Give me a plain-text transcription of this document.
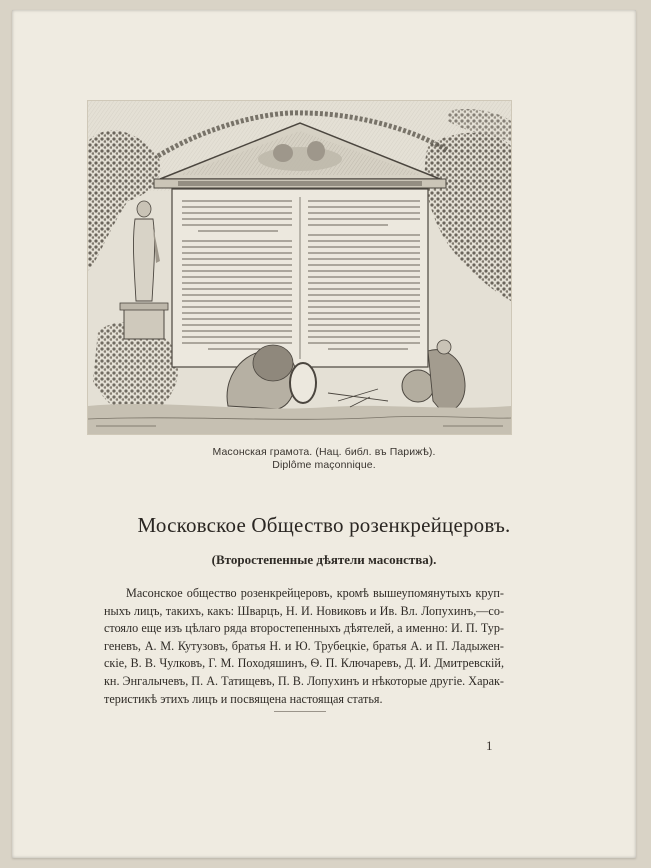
Масонская грамота. (Нац. библ. въ Парижѣ).
Diplôme maçonnique.
Московское Общество розенкрейцеровъ.
(Второстепенные дѣятели масонства).
Масонское общество розенкрейцеровъ, кромѣ вышеупомянутыхъ круп-
ныхъ лицъ, такихъ, какъ: Шварцъ, Н. И. Новиковъ и Ив. Вл. Лопухинъ,—со-
стояло еще изъ цѣлаго ряда второстепенныхъ дѣятелей, а именно: И. П. Тур-
геневъ, А. М. Кутузовъ, братья Н. и Ю. Трубецкіе, братья А. и П. Ладыжен-
скіе, В. В. Чулковъ, Г. М. Походяшинъ, Ѳ. П. Ключаревъ, Д. И. Дмитревскій,
кн. Энгалычевъ, П. А. Татищевъ, П. В. Лопухинъ и нѣкоторые другіе. Харак-
теристикѣ этихъ лицъ и посвящена настоящая статья.
1
